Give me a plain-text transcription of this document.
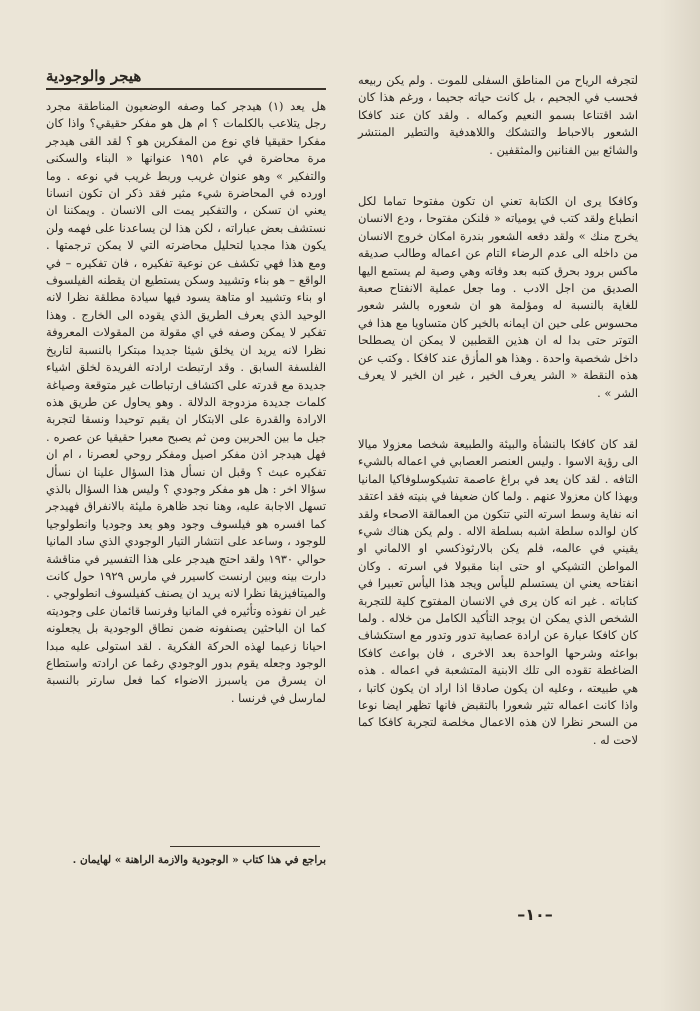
لتجرفه الرياح من المناطق السفلى للموت . ولم يكن ربيعه فحسب في الجحيم ، بل كانت حياته جحيما ، ورغم هذا كان اشد اقتناعا بسمو النعيم وكماله . ولقد كان عند كافكا الشعور بالاحباط والتشكك واللاهدفية والتطير المنتشر والشائع بين الفنانين والمثقفين .

وكافكا يرى ان الكتابة تعني ان تكون مفتوحا تماما لكل انطباع ولقد كتب في يومياته « فلنكن مفتوحا ، ودع الانسان يخرج منك » ولقد دفعه الشعور بندرة امكان خروج الانسان من داخله الى عدم الرضاء التام عن اعماله وطالب صديقه ماكس برود بحرق كتبه بعد وفاته وهي وصية لم يستمع اليها الصديق من اجل الادب . وما جعل عملية الانفتاح صعبة للغاية بالنسبة له ومؤلمة هو ان شعوره بالشر شعور محسوس على حين ان ايمانه بالخير كان متساويا مع هذا في التوتر حتى بدا له ان هذين القطبين لا يمكن ان يصطلحا داخل شخصية واحدة . وهذا هو المأزق عند كافكا . وكتب عن هذه النقطة « الشر يعرف الخير ، غير ان الخير لا يعرف الشر » .

لقد كان كافكا بالنشأة والبيئة والطبيعة شخصا معزولا ميالا الى رؤية الاسوا . وليس العنصر العصابي في اعماله بالشيء التافه . لقد كان يعد في براغ عاصمة تشيكوسلوفاكيا المانيا وبهذا كان معزولا عنهم . ولما كان ضعيفا في بنيته فقد اعتقد انه نفاية وسط اسرته التي تتكون من العمالقة الاصحاء ولقد كان لوالده سلطة اشبه بسلطة الاله . ولم يكن هناك شيء يقيني في عالمه، فلم يكن بالارثوذكسي او الالماني او المواطن التشيكي او حتى ابنا مقبولا في اسرته . وكان انفتاحه يعني ان يستسلم لليأس ويجد هذا اليأس تعبيرا في كتاباته . غير انه كان يرى في الانسان المفتوح كلية للتجربة الشخص الذي يمكن ان يوجد التأكيد الكامل من خلاله . ولما كان كافكا عبارة عن ارادة عصابية تدور وتدور مع استكشاف بواعثه وشرحها الواحدة بعد الاخرى ، فان بواعث كافكا الضاغطة تقوده الى تلك الابنية المتشعبة في اعماله . هذه هي طبيعته ، وعليه ان يكون صادقا اذا اراد ان يكون كاتبا ، واذا كانت اعماله تثير شعورا بالتقبض فانها تظهر ايضا نوعا من السحر نظرا لان هذه الاعمال مخلصة لتجربة كافكا كما لاحت له .

هيجر والوجودية

هل يعد (١) هيدجر كما وصفه الوضعيون المناطقة مجرد رجل يتلاعب بالكلمات ؟ ام هل هو مفكر حقيقي؟ واذا كان مفكرا حقيقيا فاي نوع من المفكرين هو ؟ لقد القى هيدجر مرة محاضرة في عام ١٩٥١ عنوانها « البناء والسكنى والتفكير » وهو عنوان غريب وربط غريب في نوعه . وما اورده في المحاضرة شيء مثير فقد ذكر ان تكون انسانا يعني ان تسكن ، والتفكير يمت الى الانسان . ويمكننا ان نستشف بعض عباراته ، لكن هذا لن يساعدنا على فهمه ولن يكون هذا مجديا لتحليل محاضرته التي لا يمكن ترجمتها . ومع هذا فهي تكشف عن نوعية تفكيره ، فان تفكيره – في الواقع – هو بناء وتشييد وسكن يستطيع ان يقطنه الفيلسوف او بناء وتشييد او متاهة يسود فيها سيادة مطلقة نظرا لانه الوحيد الذي يعرف الطريق الذي يقوده الى الخارج . وهذا تفكير لا يمكن وصفه في اي مقولة من المقولات المعروفة نظرا لانه يريد ان يخلق شيئا جديدا مبتكرا بالنسبة لتاريخ الفلسفة السابق . وقد ارتبطت ارادته الفريدة لخلق اشياء جديدة مع قدرته على اكتشاف ارتباطات غير متوقعة وصياغة كلمات جديدة مزدوجة الدلالة . وهو يحاول عن طريق هذه الارادة والقدرة على الابتكار ان يقيم توحيدا ونسقا لتجربة جيل ما بين الحربين ومن ثم يصبح معبرا حقيقيا عن عصره . فهل هيدجر اذن مفكر اصيل ومفكر روحي لعصرنا ، ام ان تفكيره عبث ؟ وقبل ان نسأل هذا السؤال علينا ان نسأل سؤالا اخر : هل هو مفكر وجودي ؟ وليس هذا السؤال بالذي تسهل الاجابة عليه، وهنا نجد ظاهرة مليئة بالانفراق فهيدجر كما افسره هو فيلسوف وجود وهو يعد وجوديا وانطولوجيا للوجود ، وساعد على انتشار التيار الوجودي الذي ساد المانيا حوالي ١٩٣٠ ولقد احتج هيدجر على هذا التفسير في مناقشة دارت بينه وبين ارنست كاسيرر في مارس ١٩٢٩ حول كانت والميتافيزيقا نظرا لانه يريد ان يصنف كفيلسوف انطولوجي . غير ان نفوذه وتأثيره في المانيا وفرنسا قائمان على وجوديته كما ان الباحثين يصنفونه ضمن نطاق الوجودية بل يجعلونه احيانا زعيما لهذه الحركة الفكرية . لقد استولى عليه مبدا الوجود وجعله يقوم بدور الوجودي رغما عن ارادته واستطاع ان يسرق من ياسبرز الاضواء كما فعل سارتر بالنسبة لمارسل في فرنسا .

براجع في هذا كتاب « الوجودية والازمة الراهنة » لهايمان .
–١٠–
